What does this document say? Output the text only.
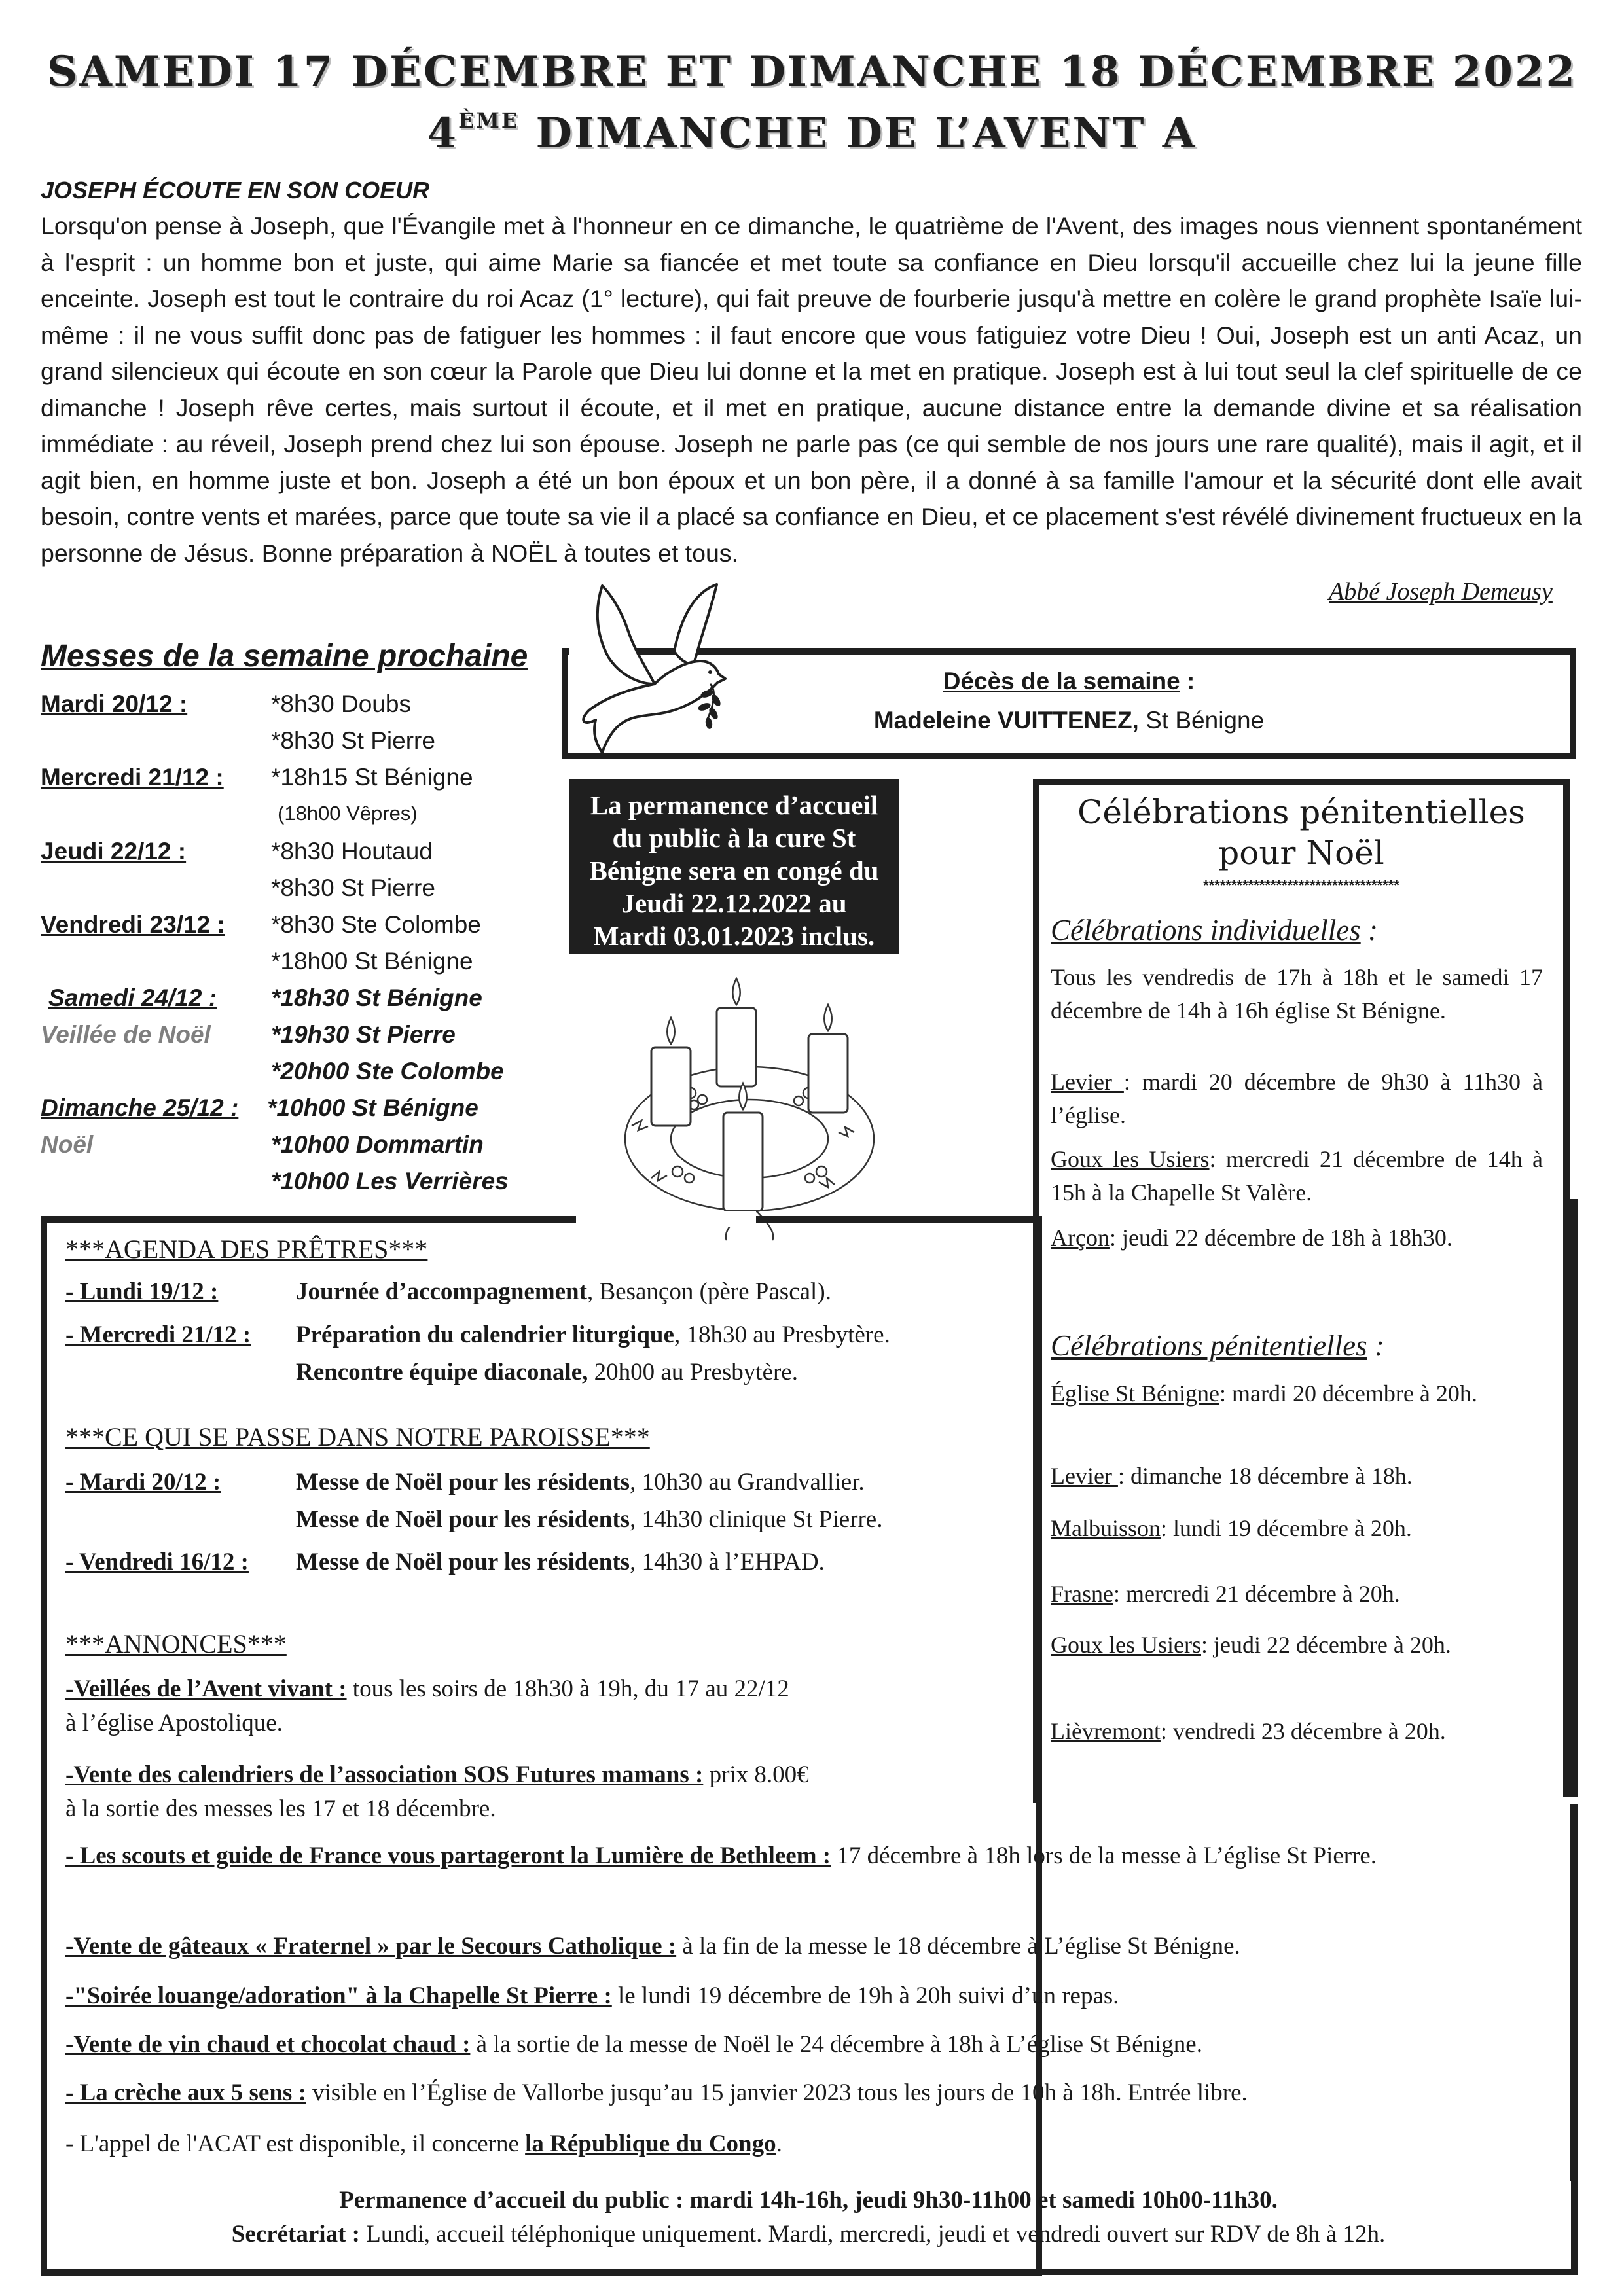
SAMEDI 17 DÉCEMBRE ET DIMANCHE 18 DÉCEMBRE 2022
4ÈME DIMANCHE DE L’AVENT A
JOSEPH ÉCOUTE EN SON COEUR
Lorsqu'on pense à Joseph, que l'Évangile met à l'honneur en ce dimanche, le quatrième de l'Avent, des images nous viennent spontanément à l'esprit : un homme bon et juste, qui aime Marie sa fiancée et met toute sa confiance en Dieu lorsqu'il accueille chez lui la jeune fille enceinte. Joseph est tout le contraire du roi Acaz (1° lecture), qui fait preuve de fourberie jusqu'à mettre en colère le grand prophète Isaïe lui-même : il ne vous suffit donc pas de fatiguer les hommes : il faut encore que vous fatiguiez votre Dieu ! Oui, Joseph est un anti Acaz, un grand silencieux qui écoute en son cœur la Parole que Dieu lui donne et la met en pratique. Joseph est à lui tout seul la clef spirituelle de ce dimanche ! Joseph rêve certes, mais surtout il écoute, et il met en pratique, aucune distance entre la demande divine et sa réalisation immédiate : au réveil, Joseph prend chez lui son épouse. Joseph ne parle pas (ce qui semble de nos jours une rare qualité), mais il agit, et il agit bien, en homme juste et bon. Joseph a été un bon époux et un bon père, il a donné à sa famille l'amour et la sécurité dont elle avait besoin, contre vents et marées, parce que toute sa vie il a placé sa confiance en Dieu, et ce placement s'est révélé divinement fructueux en la personne de Jésus. Bonne préparation à NOËL à toutes et tous.
Abbé Joseph Demeusy
Messes de la semaine prochaine
Mardi 20/12 :	*8h30 Doubs
*8h30 St Pierre
Mercredi 21/12 : *18h15 St Bénigne
(18h00 Vêpres)
Jeudi 22/12 :	*8h30 Houtaud
*8h30 St Pierre
Vendredi 23/12 : *8h30 Ste Colombe
*18h00 St Bénigne
Samedi 24/12 : *18h30 St Bénigne
Veillée de Noël *19h30 St Pierre
*20h00 Ste Colombe
Dimanche 25/12 : *10h00 St Bénigne
Noël	*10h00 Dommartin
*10h00 Les Verrières
Décès de la semaine :
Madeleine VUITTENEZ, St Bénigne
La permanence d’accueil
du public à la cure St
Bénigne sera en congé du
Jeudi 22.12.2022 au
Mardi 03.01.2023 inclus.
Célébrations pénitentielles
pour Noël
***********************************
Célébrations individuelles :
Tous les vendredis de 17h à 18h et le samedi 17 décembre de 14h à 16h église St Bénigne.
Levier : mardi 20 décembre de 9h30 à 11h30 à l’église.
Goux les Usiers: mercredi 21 décembre de 14h à 15h à la Chapelle St Valère.
Arçon: jeudi 22 décembre de 18h à 18h30.
Célébrations pénitentielles :
Église St Bénigne: mardi 20 décembre à 20h.
Levier : dimanche 18 décembre à 18h.
Malbuisson: lundi 19 décembre à 20h.
Frasne: mercredi 21 décembre à 20h.
Goux les Usiers: jeudi 22 décembre à 20h.
Lièvremont: vendredi 23 décembre à 20h.
***AGENDA DES PRÊTRES***
- Lundi 19/12 :	Journée d’accompagnement, Besançon (père Pascal).
- Mercredi 21/12 : Préparation du calendrier liturgique, 18h30 au Presbytère.
Rencontre équipe diaconale, 20h00 au Presbytère.
***CE QUI SE PASSE DANS NOTRE PAROISSE***
- Mardi 20/12 :	Messe de Noël pour les résidents, 10h30 au Grandvallier.
Messe de Noël pour les résidents, 14h30 clinique St Pierre.
- Vendredi 16/12 : Messe de Noël pour les résidents, 14h30 à l’EHPAD.
***ANNONCES***
-Veillées de l’Avent vivant : tous les soirs de 18h30 à 19h, du 17 au 22/12
à l’église Apostolique.
-Vente des calendriers de l’association SOS Futures mamans : prix 8.00€
à la sortie des messes les 17 et 18 décembre.
- Les scouts et guide de France vous partageront la Lumière de Bethleem : 17 décembre à 18h lors de la messe à L’église St Pierre.
-Vente de gâteaux « Fraternel » par le Secours Catholique : à la fin de la messe le 18 décembre à L’église St Bénigne.
-"Soirée louange/adoration" à la Chapelle St Pierre : le lundi 19 décembre de 19h à 20h suivi d’un repas.
-Vente de vin chaud et chocolat chaud : à la sortie de la messe de Noël le 24 décembre à 18h à L’église St Bénigne.
- La crèche aux 5 sens : visible en l’Église de Vallorbe jusqu’au 15 janvier 2023 tous les jours de 10h à 18h. Entrée libre.
- L'appel de l'ACAT est disponible, il concerne la République du Congo.
Permanence d’accueil du public : mardi 14h-16h, jeudi 9h30-11h00 et samedi 10h00-11h30.
Secrétariat : Lundi, accueil téléphonique uniquement. Mardi, mercredi, jeudi et vendredi ouvert sur RDV de 8h à 12h.
